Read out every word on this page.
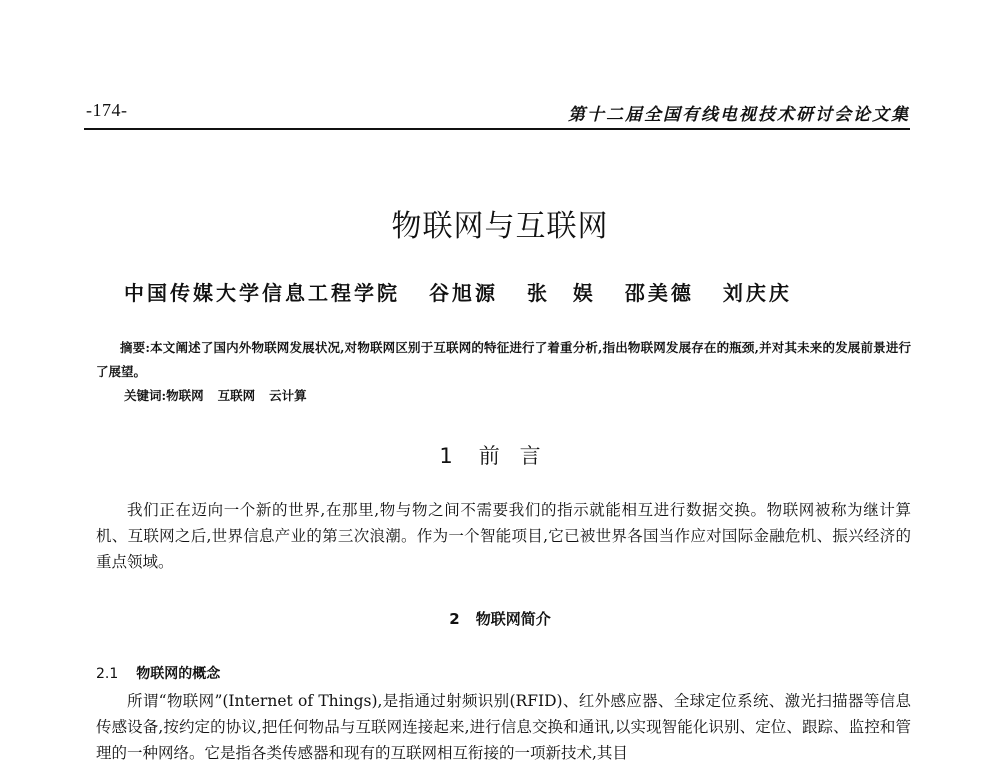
-174-	第十二届全国有线电视技术研讨会论文集
物联网与互联网
中国传媒大学信息工程学院 谷旭源 张　娱 邵美德 刘庆庆

摘要:本文阐述了国内外物联网发展状况,对物联网区别于互联网的特征进行了着重分析,指出物联网发展存在的瓶颈,并对其未来的发展前景进行了展望。

关键词:物联网 互联网 云计算

1 前言

我们正在迈向一个新的世界,在那里,物与物之间不需要我们的指示就能相互进行数据交换。物联网被称为继计算机、互联网之后,世界信息产业的第三次浪潮。作为一个智能项目,它已被世界各国当作应对国际金融危机、振兴经济的重点领域。

2 物联网简介
2.1 物联网的概念

所谓“物联网”(Internet of Things),是指通过射频识别(RFID)、红外感应器、全球定位系统、激光扫描器等信息传感设备,按约定的协议,把任何物品与互联网连接起来,进行信息交换和通讯,以实现智能化识别、定位、跟踪、监控和管理的一种网络。它是指各类传感器和现有的互联网相互衔接的一项新技术,其目
